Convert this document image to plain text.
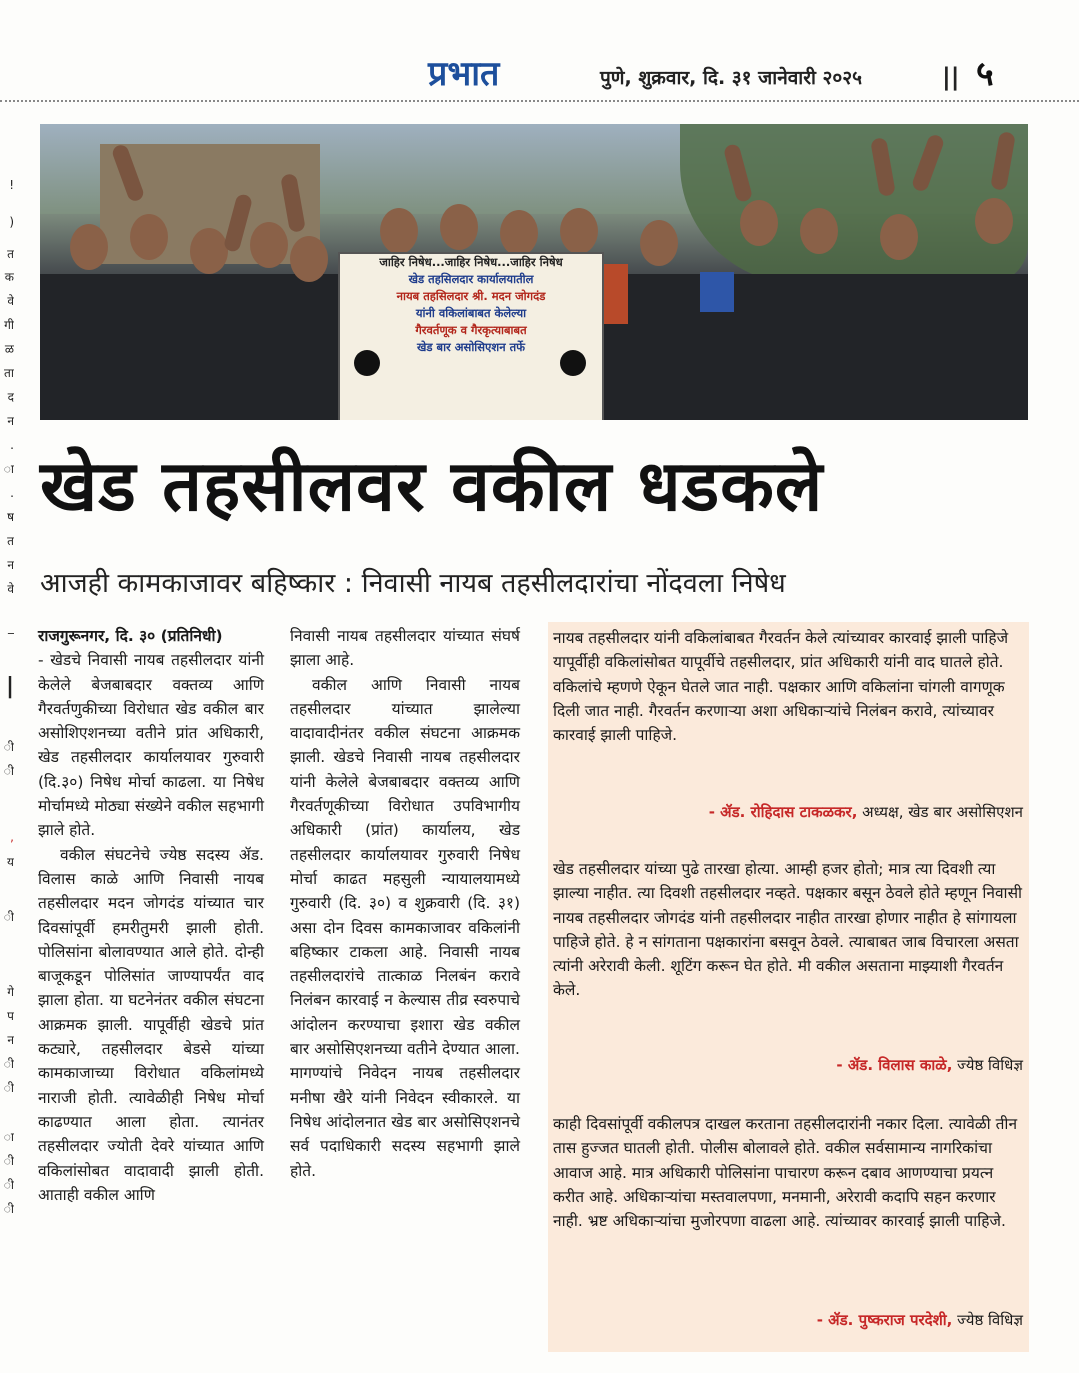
!
)
त
क
वे
गी
ळ
ता
द
न
.
ा
.
ष
त
न
वे
_
|
ी
ी
,
य
ी
गे
प
न
ी
ी
ा
ी
ी
ी
प्रभात	पुणे, शुक्रवार, दि. ३१ जानेवारी २०२५	|| ५
जाहिर निषेध...जाहिर निषेध...जाहिर निषेध
खेड तहसिलदार कार्यालयातील
नायब तहसिलदार श्री. मदन जोगदंड
यांनी वकिलांबाबत केलेल्या
गैरवर्तणूक व गैरकृत्याबाबत
खेड बार असोसिएशन तर्फे
खेड तहसीलवर वकील धडकले
आजही कामकाजावर बहिष्कार : निवासी नायब तहसीलदारांचा नोंदवला निषेध

राजगुरूनगर, दि. ३० (प्रतिनिधी)

- खेडचे निवासी नायब तहसीलदार यांनी केलेले बेजबाबदार वक्तव्य आणि गैरवर्तणुकीच्या विरोधात खेड वकील बार असोशिएशनच्या वतीने प्रांत अधिकारी, खेड तहसीलदार कार्यालयावर गुरुवारी (दि.३०) निषेध मोर्चा काढला. या निषेध मोर्चामध्ये मोठ्या संख्येने वकील सहभागी झाले होते.

वकील संघटनेचे ज्येष्ठ सदस्य ॲड. विलास काळे आणि निवासी नायब तहसीलदार मदन जोगदंड यांच्यात चार दिवसांपूर्वी हमरीतुमरी झाली होती. पोलिसांना बोलावण्यात आले होते. दोन्ही बाजूकडून पोलिसांत जाण्यापर्यंत वाद झाला होता. या घटनेनंतर वकील संघटना आक्रमक झाली. यापूर्वीही खेडचे प्रांत कट्यारे, तहसीलदार बेडसे यांच्या कामकाजाच्या विरोधात वकिलांमध्ये नाराजी होती. त्यावेळीही निषेध मोर्चा काढण्यात आला होता. त्यानंतर तहसीलदार ज्योती देवरे यांच्यात आणि वकिलांसोबत वादावादी झाली होती. आताही वकील आणि

निवासी नायब तहसीलदार यांच्यात संघर्ष झाला आहे.

वकील आणि निवासी नायब तहसीलदार यांच्यात झालेल्या वादावादीनंतर वकील संघटना आक्रमक झाली. खेडचे निवासी नायब तहसीलदार यांनी केलेले बेजबाबदार वक्तव्य आणि गैरवर्तणूकीच्या विरोधात उपविभागीय अधिकारी (प्रांत) कार्यालय, खेड तहसीलदार कार्यालयावर गुरुवारी निषेध मोर्चा काढत महसुली न्यायालयामध्ये गुरुवारी (दि. ३०) व शुक्रवारी (दि. ३१) असा दोन दिवस कामकाजावर वकिलांनी बहिष्कार टाकला आहे. निवासी नायब तहसीलदारांचे तात्काळ निलबंन करावे निलंबन कारवाई न केल्यास तीव्र स्वरुपाचे आंदोलन करण्याचा इशारा खेड वकील बार असोसिएशनच्या वतीने देण्यात आला. मागण्यांचे निवेदन नायब तहसीलदार मनीषा खैरे यांनी निवेदन स्वीकारले. या निषेध आंदोलनात खेड बार असोसिएशनचे सर्व पदाधिकारी सदस्य सहभागी झाले होते.

नायब तहसीलदार यांनी वकिलांबाबत गैरवर्तन केले त्यांच्यावर कारवाई झाली पाहिजे यापूर्वीही वकिलांसोबत यापूर्वीचे तहसीलदार, प्रांत अधिकारी यांनी वाद घातले होते. वकिलांचे म्हणणे ऐकून घेतले जात नाही. पक्षकार आणि वकिलांना चांगली वागणूक दिली जात नाही. गैरवर्तन करणाऱ्या अशा अधिकाऱ्यांचे निलंबन करावे, त्यांच्यावर कारवाई झाली पाहिजे.

- ॲड. रोहिदास टाकळकर, अध्यक्ष, खेड बार असोसिएशन

खेड तहसीलदार यांच्या पुढे तारखा होत्या. आम्ही हजर होतो; मात्र त्या दिवशी त्या झाल्या नाहीत. त्या दिवशी तहसीलदार नव्हते. पक्षकार बसून ठेवले होते म्हणून निवासी नायब तहसीलदार जोगदंड यांनी तहसीलदार नाहीत तारखा होणार नाहीत हे सांगायला पाहिजे होते. हे न सांगताना पक्षकारांना बसवून ठेवले. त्याबाबत जाब विचारला असता त्यांनी अरेरावी केली. शूटिंग करून घेत होते. मी वकील असताना माझ्याशी गैरवर्तन केले.

- ॲड. विलास काळे, ज्येष्ठ विधिज्ञ

काही दिवसांपूर्वी वकीलपत्र दाखल करताना तहसीलदारांनी नकार दिला. त्यावेळी तीन तास हुज्जत घातली होती. पोलीस बोलावले होते. वकील सर्वसामान्य नागरिकांचा आवाज आहे. मात्र अधिकारी पोलिसांना पाचारण करून दबाव आणण्याचा प्रयत्न करीत आहे. अधिकाऱ्यांचा मस्तवालपणा, मनमानी, अरेरावी कदापि सहन करणार नाही. भ्रष्ट अधिकाऱ्यांचा मुजोरपणा वाढला आहे. त्यांच्यावर कारवाई झाली पाहिजे.

- ॲड. पुष्कराज परदेशी, ज्येष्ठ विधिज्ञ
